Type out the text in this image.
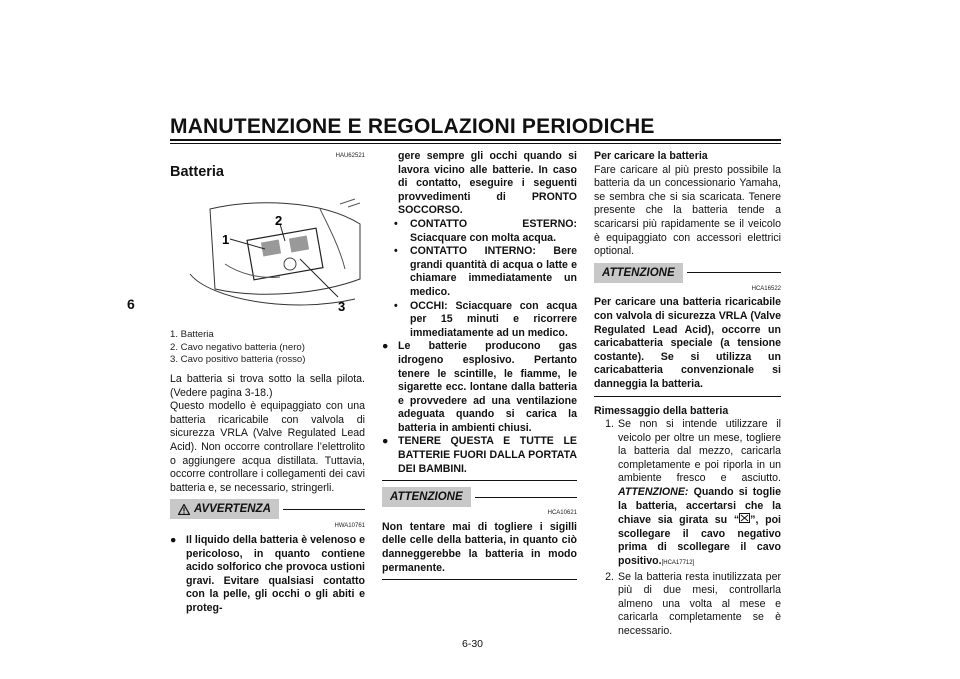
MANUTENZIONE E REGOLAZIONI PERIODICHE
6
HAU62521
Batteria
1
2
3
1. Batteria
2. Cavo negativo batteria (nero)
3. Cavo positivo batteria (rosso)
La batteria si trova sotto la sella pilota. (Vedere pagina 3-18.)
Questo modello è equipaggiato con una batteria ricaricabile con valvola di sicurezza VRLA (Valve Regulated Lead Acid). Non occorre controllare l’elettrolito o aggiungere acqua distillata. Tuttavia, occorre controllare i collegamenti dei cavi batteria e, se necessario, stringerli.
AVVERTENZA
HWA10761
● Il liquido della batteria è velenoso e pericoloso, in quanto contiene acido solforico che provoca ustioni gravi. Evitare qualsiasi contatto con la pelle, gli occhi o gli abiti e proteg-
gere sempre gli occhi quando si lavora vicino alle batterie. In caso di contatto, eseguire i seguenti provvedimenti di PRONTO SOCCORSO.
•	CONTATTO ESTERNO: Sciacquare con molta acqua.
•	CONTATTO INTERNO: Bere grandi quantità di acqua o latte e chiamare immediatamente un medico.
•	OCCHI: Sciacquare con acqua per 15 minuti e ricorrere immediatamente ad un medico.
● Le batterie producono gas idrogeno esplosivo. Pertanto tenere le scintille, le fiamme, le sigarette ecc. lontane dalla batteria e provvedere ad una ventilazione adeguata quando si carica la batteria in ambienti chiusi.
● TENERE QUESTA E TUTTE LE BATTERIE FUORI DALLA PORTATA DEI BAMBINI.
ATTENZIONE
HCA10621
Non tentare mai di togliere i sigilli delle celle della batteria, in quanto ciò danneggerebbe la batteria in modo permanente.
Per caricare la batteria
Fare caricare al più presto possibile la batteria da un concessionario Yamaha, se sembra che si sia scaricata. Tenere presente che la batteria tende a scaricarsi più rapidamente se il veicolo è equipaggiato con accessori elettrici optional.
ATTENZIONE
HCA16522
Per caricare una batteria ricaricabile con valvola di sicurezza VRLA (Valve Regulated Lead Acid), occorre un caricabatteria speciale (a tensione costante). Se si utilizza un caricabatteria convenzionale si danneggia la batteria.
Rimessaggio della batteria
1. Se non si intende utilizzare il veicolo per oltre un mese, togliere la batteria dal mezzo, caricarla completamente e poi riporla in un ambiente fresco e asciutto. ATTENZIONE: Quando si toglie la batteria, accertarsi che la chiave sia girata su “ ”, poi scollegare il cavo negativo prima di scollegare il cavo positivo.[HCA17712]
2. Se la batteria resta inutilizzata per più di due mesi, controllarla almeno una volta al mese e caricarla completamente se è necessario.
6-30
